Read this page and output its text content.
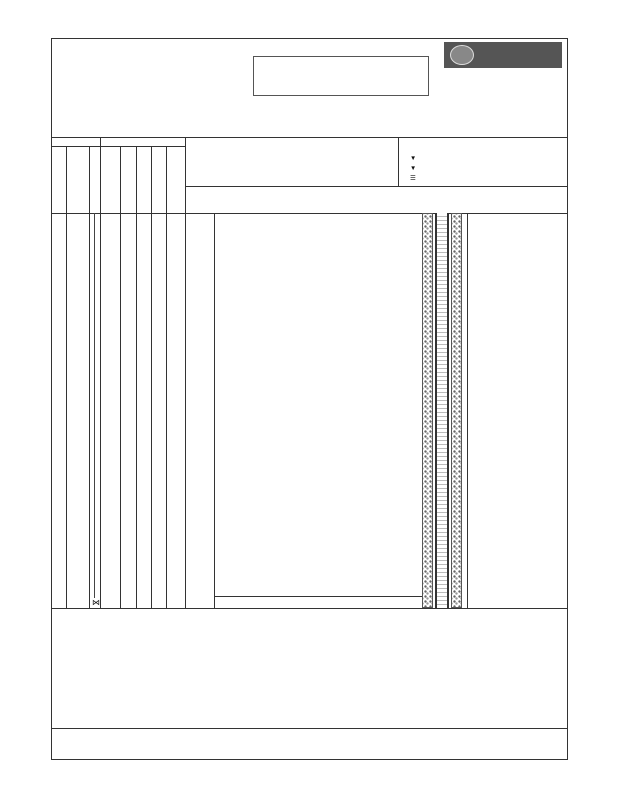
▼
▼
☰
⋈
